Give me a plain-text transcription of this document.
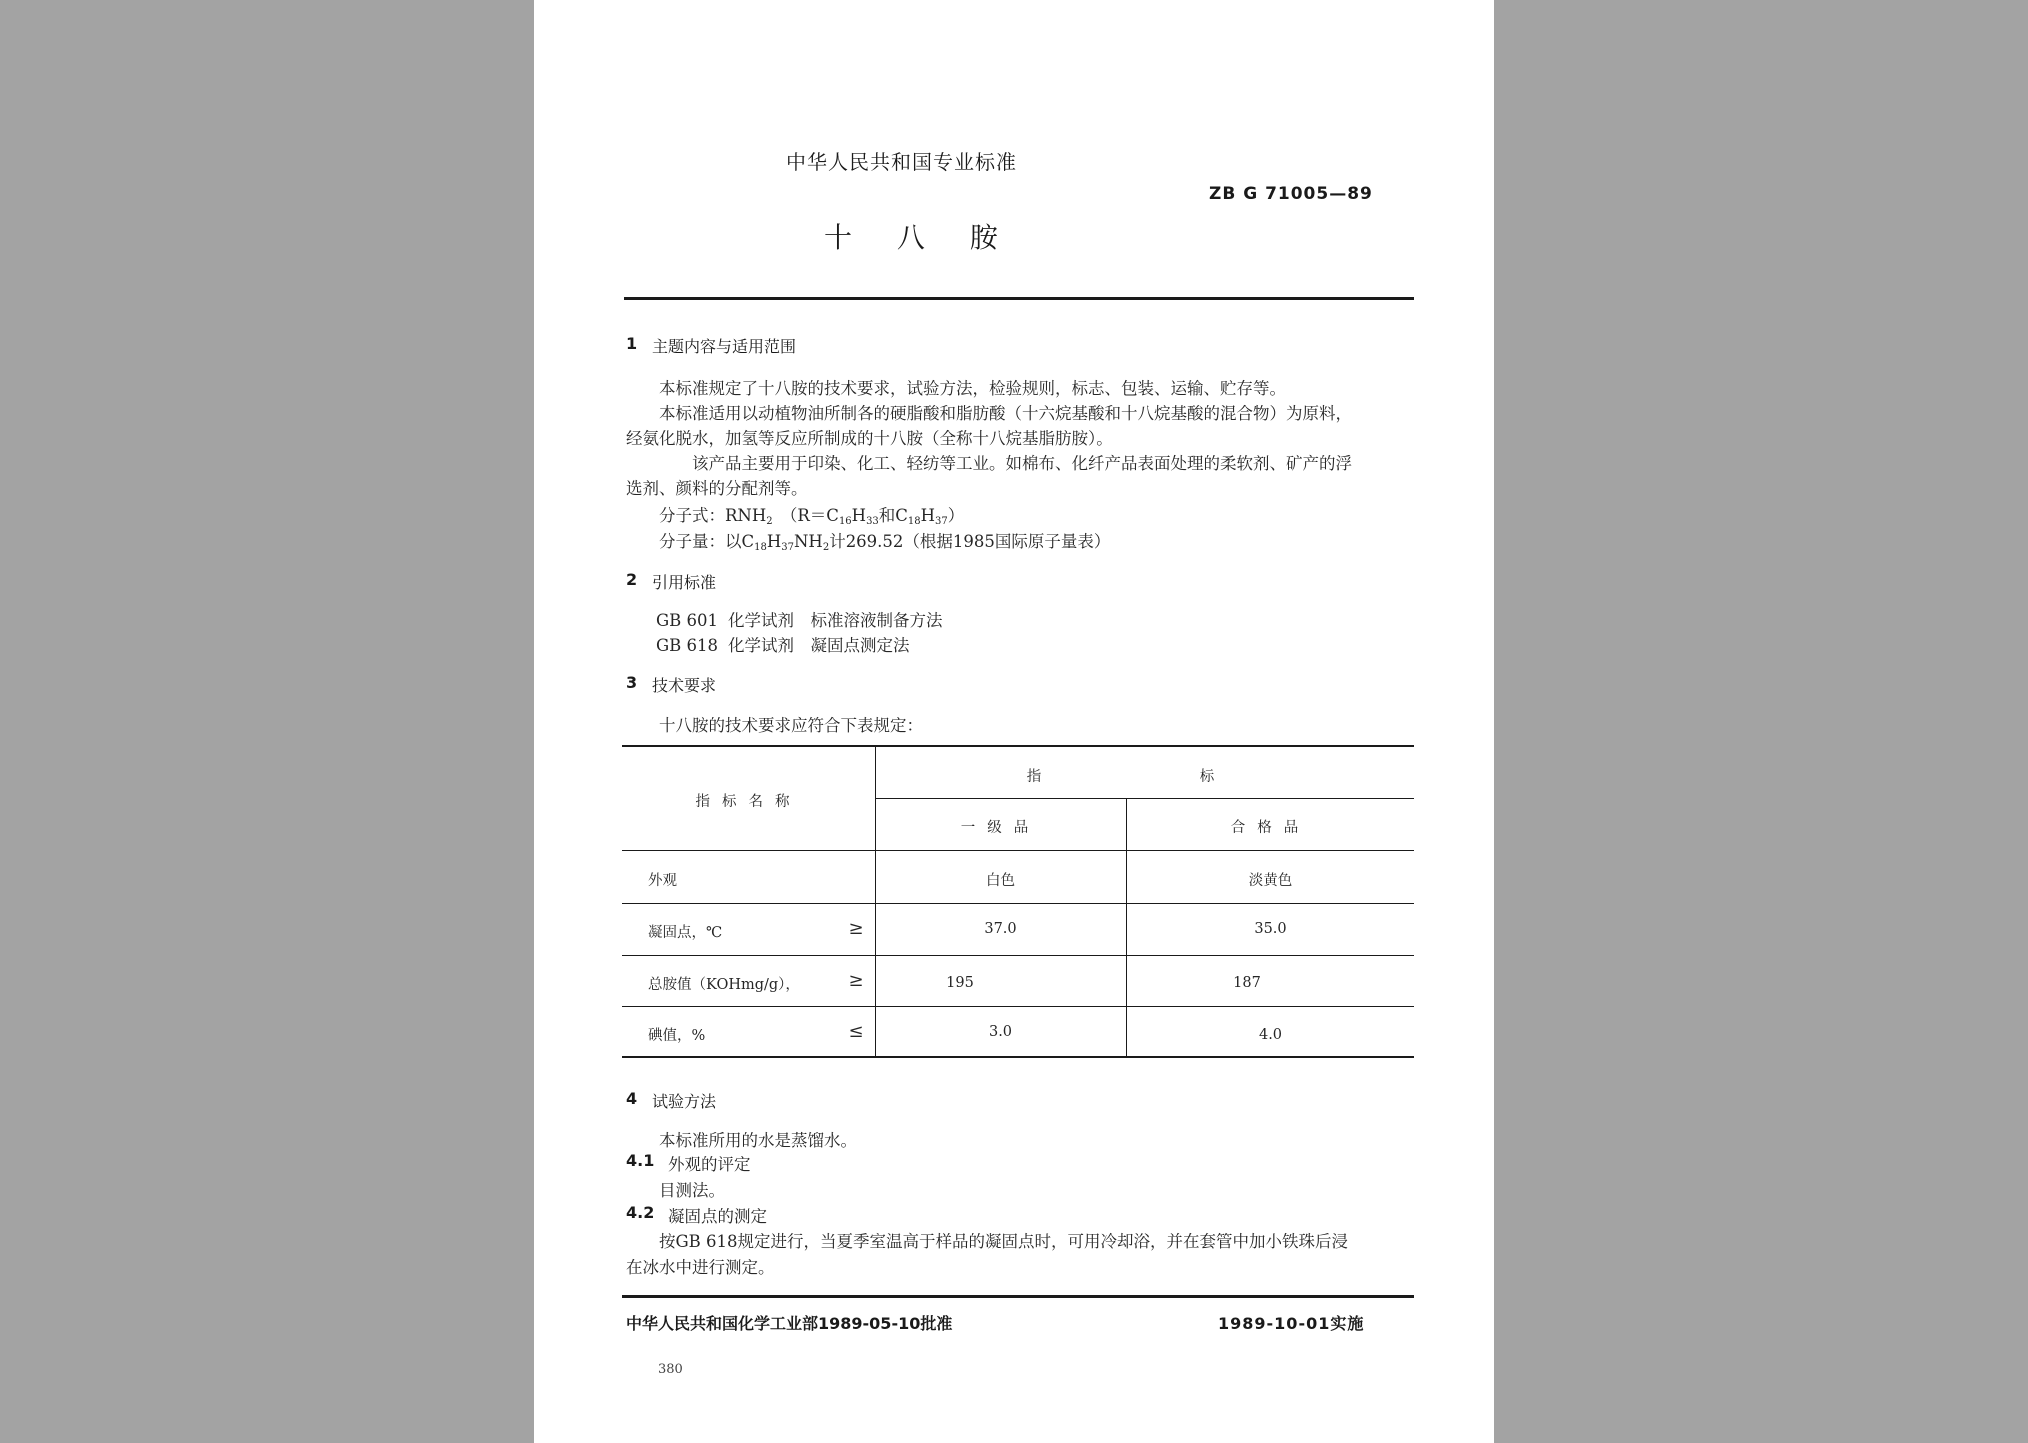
中华人民共和国专业标准
ZB G 71005—89
十 八 胺
1 主题内容与适用范围
本标准规定了十八胺的技术要求，试验方法，检验规则，标志、包装、运输、贮存等。
本标准适用以动植物油所制各的硬脂酸和脂肪酸（十六烷基酸和十八烷基酸的混合物）为原料，
经氨化脱水，加氢等反应所制成的十八胺（全称十八烷基脂肪胺）。
该产品主要用于印染、化工、轻纺等工业。如棉布、化纤产品表面处理的柔软剂、矿产的浮
选剂、颜料的分配剂等。
分子式：$RNH_2$　 （$R=C_{16}H_{33}$和$C_{18}H_{37}$）
分子量：以$C_{18}H_{37}NH_2$计269.52（根据1985国际原子量表）
2 引用标准
GB 601 化学试剂　标准溶液制备方法
GB 618 化学试剂　凝固点测定法
3 技术要求
十八胺的技术要求应符合下表规定：
指标名称
指	标
一级品	合格品
外观	白色	淡黄色
凝固点，℃	≥	37.0	35.0
总胺值（KOHmg/g），	≥	195	187
碘值，%	≤	3.0	4.0
4 试验方法
本标准所用的水是蒸馏水。
4.1 外观的评定
目测法。
4.2 凝固点的测定
按GB 618规定进行，当夏季室温高于样品的凝固点时，可用冷却浴，并在套管中加小铁珠后浸
在冰水中进行测定。
中华人民共和国化学工业部1989-05-10批准	1989-10-01实施
380
